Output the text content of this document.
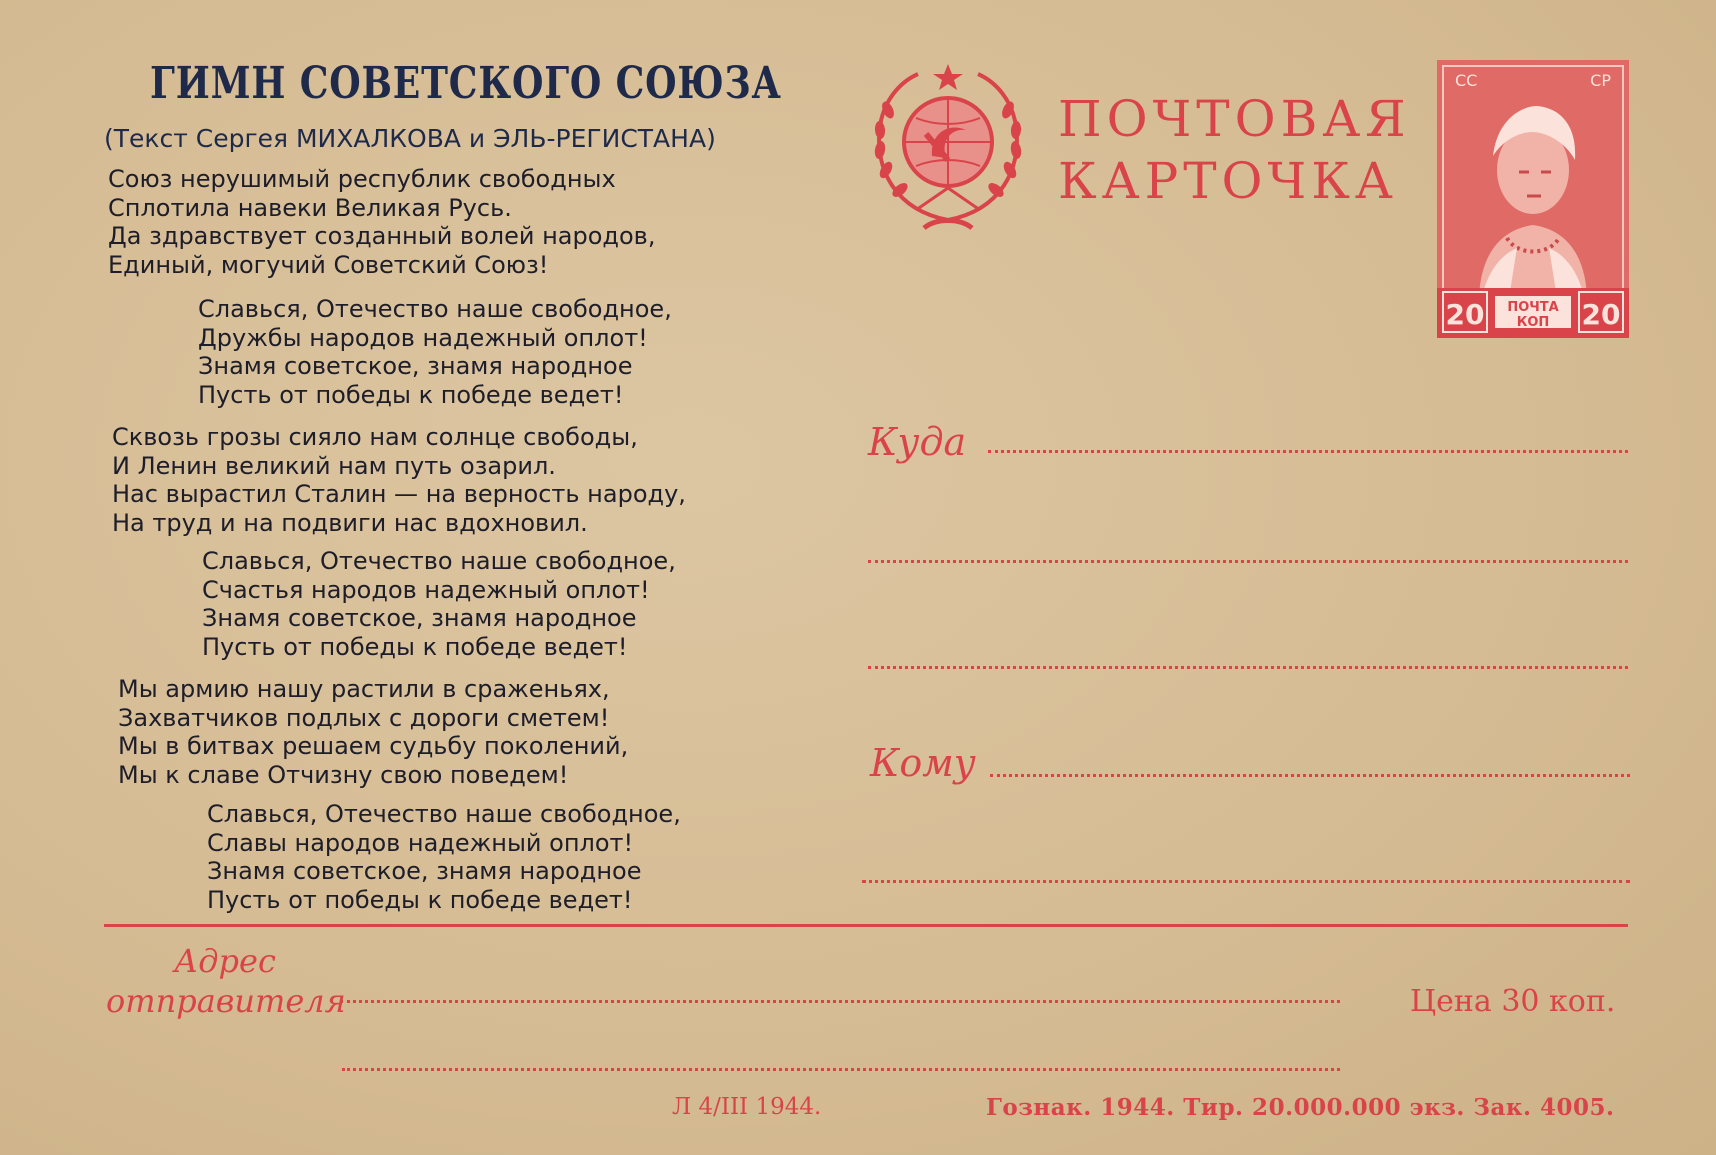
ГИМН СОВЕТСКОГО СОЮЗА
(Текст Сергея МИХАЛКОВА и ЭЛЬ-РЕГИСТАНА)
Союз нерушимый республик свободных
Сплотила навеки Великая Русь.
Да здравствует созданный волей народов,
Единый, могучий Советский Союз!
Славься, Отечество наше свободное,
Дружбы народов надежный оплот!
Знамя советское, знамя народное
Пусть от победы к победе ведет!
Сквозь грозы сияло нам солнце свободы,
И Ленин великий нам путь озарил.
Нас вырастил Сталин — на верность народу,
На труд и на подвиги нас вдохновил.
Славься, Отечество наше свободное,
Счастья народов надежный оплот!
Знамя советское, знамя народное
Пусть от победы к победе ведет!
Мы армию нашу растили в сраженьях,
Захватчиков подлых с дороги сметем!
Мы в битвах решаем судьбу поколений,
Мы к славе Отчизну свою поведем!
Славься, Отечество наше свободное,
Славы народов надежный оплот!
Знамя советское, знамя народное
Пусть от победы к победе ведет!
ПОЧТОВАЯ
КАРТОЧКА
20	20
ПОЧТА
КОП
СС	СР
Куда
Кому
Адрес
отправителя	Цена 30 коп.
Л 4/III 1944.	Гознак. 1944. Тир. 20.000.000 экз. Зак. 4005.
